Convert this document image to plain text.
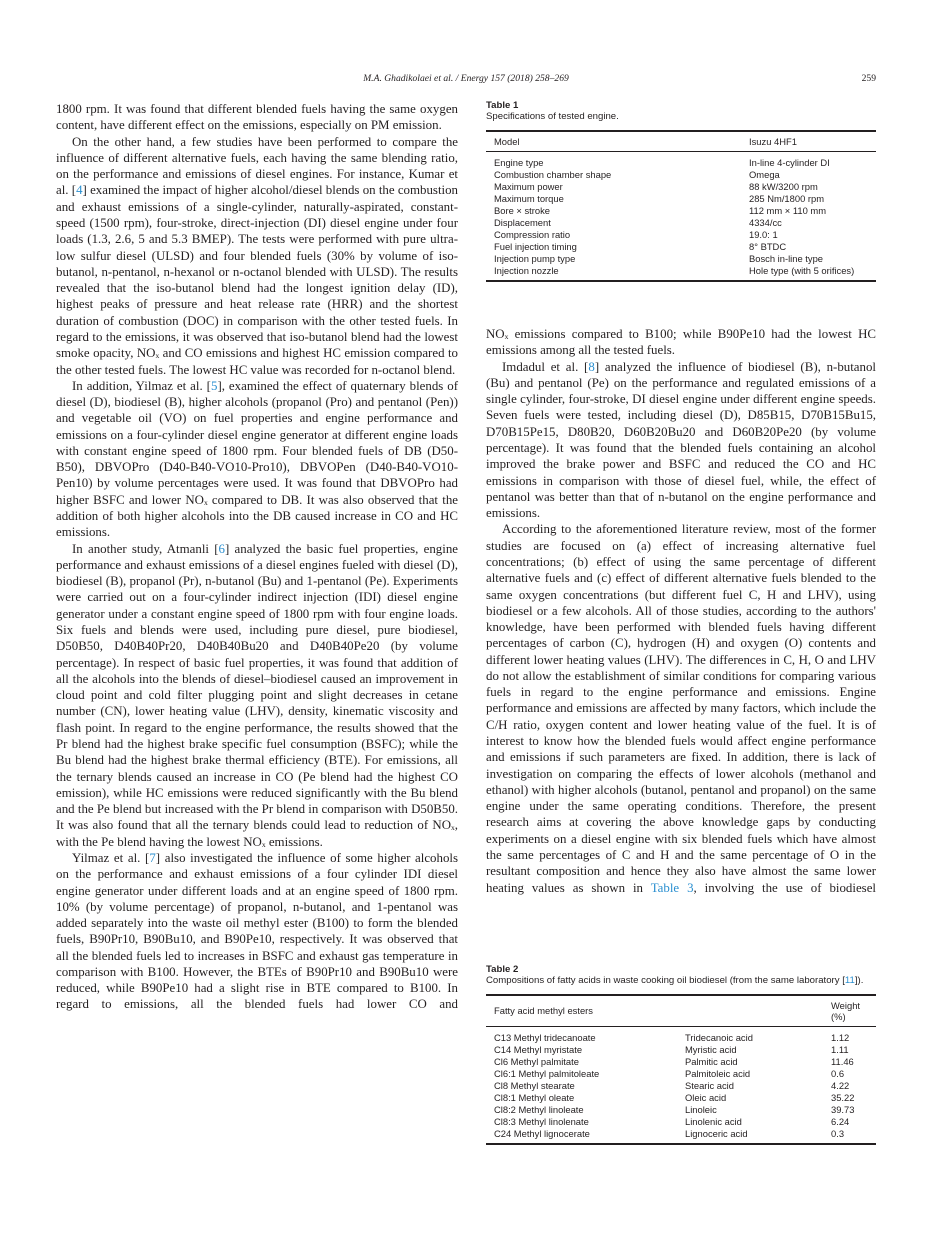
M.A. Ghadikolaei et al. / Energy 157 (2018) 258–269	259

1800 rpm. It was found that different blended fuels having the same oxygen content, have different effect on the emissions, especially on PM emission.

On the other hand, a few studies have been performed to compare the influence of different alternative fuels, each having the same blending ratio, on the performance and emissions of diesel engines. For instance, Kumar et al. [4] examined the impact of higher alcohol/diesel blends on the combustion and exhaust emissions of a single-cylinder, naturally-aspirated, constant-speed (1500 rpm), four-stroke, direct-injection (DI) diesel engine under four loads (1.3, 2.6, 5 and 5.3 BMEP). The tests were performed with pure ultra-low sulfur diesel (ULSD) and four blended fuels (30% by volume of iso-butanol, n-pentanol, n-hexanol or n-octanol blended with ULSD). The results revealed that the iso-butanol blend had the longest ignition delay (ID), highest peaks of pressure and heat release rate (HRR) and the shortest duration of combustion (DOC) in comparison with the other tested fuels. In regard to the emissions, it was observed that iso-butanol blend had the lowest smoke opacity, NOₓ and CO emissions and highest HC emission compared to the other tested fuels. The lowest HC value was recorded for n-octanol blend.

In addition, Yilmaz et al. [5], examined the effect of quaternary blends of diesel (D), biodiesel (B), higher alcohols (propanol (Pro) and pentanol (Pen)) and vegetable oil (VO) on fuel properties and engine performance and emissions on a four-cylinder diesel engine generator at different engine loads with constant engine speed of 1800 rpm. Four blended fuels of DB (D50-B50), DBVOPro (D40-B40-VO10-Pro10), DBVOPen (D40-B40-VO10-Pen10) by volume percentages were used. It was found that DBVOPro had higher BSFC and lower NOₓ compared to DB. It was also observed that the addition of both higher alcohols into the DB caused increase in CO and HC emissions.

In another study, Atmanli [6] analyzed the basic fuel properties, engine performance and exhaust emissions of a diesel engines fueled with diesel (D), biodiesel (B), propanol (Pr), n-butanol (Bu) and 1-pentanol (Pe). Experiments were carried out on a four-cylinder indirect injection (IDI) diesel engine generator under a constant engine speed of 1800 rpm with four engine loads. Six fuels and blends were used, including pure diesel, pure biodiesel, D50B50, D40B40Pr20, D40B40Bu20 and D40B40Pe20 (by volume percentage). In respect of basic fuel properties, it was found that addition of all the alcohols into the blends of diesel–biodiesel caused an improvement in cloud point and cold filter plugging point and slight decreases in cetane number (CN), lower heating value (LHV), density, kinematic viscosity and flash point. In regard to the engine performance, the results showed that the Pr blend had the highest brake specific fuel consumption (BSFC); while the Bu blend had the highest brake thermal efficiency (BTE). For emissions, all the ternary blends caused an increase in CO (Pe blend had the highest CO emission), while HC emissions were reduced significantly with the Bu blend and the Pe blend but increased with the Pr blend in comparison with D50B50. It was also found that all the ternary blends could lead to reduction of NOₓ, with the Pe blend having the lowest NOₓ emissions.

Yilmaz et al. [7] also investigated the influence of some higher alcohols on the performance and exhaust emissions of a four cylinder IDI diesel engine generator under different loads and at an engine speed of 1800 rpm. 10% (by volume percentage) of propanol, n-butanol, and 1-pentanol was added separately into the waste oil methyl ester (B100) to form the blended fuels, B90Pr10, B90Bu10, and B90Pe10, respectively. It was observed that all the blended fuels led to increases in BSFC and exhaust gas temperature in comparison with B100. However, the BTEs of B90Pr10 and B90Bu10 were reduced, while B90Pe10 had a slight rise in BTE compared to B100. In regard to emissions, all the blended fuels had lower CO and

Table 1
Specifications of tested engine.
Model	Isuzu 4HF1
Engine type	In-line 4-cylinder DI
Combustion chamber shape	Omega
Maximum power	88 kW/3200 rpm
Maximum torque	285 Nm/1800 rpm
Bore × stroke	112 mm × 110 mm
Displacement	4334/cc
Compression ratio	19.0: 1
Fuel injection timing	8° BTDC
Injection pump type	Bosch in-line type
Injection nozzle	Hole type (with 5 orifices)

NOₓ emissions compared to B100; while B90Pe10 had the lowest HC emissions among all the tested fuels.

Imdadul et al. [8] analyzed the influence of biodiesel (B), n-butanol (Bu) and pentanol (Pe) on the performance and regulated emissions of a single cylinder, four-stroke, DI diesel engine under different engine speeds. Seven fuels were tested, including diesel (D), D85B15, D70B15Bu15, D70B15Pe15, D80B20, D60B20Bu20 and D60B20Pe20 (by volume percentage). It was found that the blended fuels containing an alcohol improved the brake power and BSFC and reduced the CO and HC emissions in comparison with those of diesel fuel, while, the effect of pentanol was better than that of n-butanol on the engine performance and emissions.

According to the aforementioned literature review, most of the former studies are focused on (a) effect of increasing alternative fuel concentrations; (b) effect of using the same percentage of different alternative fuels and (c) effect of different alternative fuels blended to the same oxygen concentrations (but different fuel C, H and LHV), using biodiesel or a few alcohols. All of those studies, according to the authors' knowledge, have been performed with blended fuels having different percentages of carbon (C), hydrogen (H) and oxygen (O) contents and different lower heating values (LHV). The differences in C, H, O and LHV do not allow the establishment of similar conditions for comparing various fuels in regard to the engine performance and emissions. Engine performance and emissions are affected by many factors, which include the C/H ratio, oxygen content and lower heating value of the fuel. It is of interest to know how the blended fuels would affect engine performance and emissions if such parameters are fixed. In addition, there is lack of investigation on comparing the effects of lower alcohols (methanol and ethanol) with higher alcohols (butanol, pentanol and propanol) on the same engine under the same operating conditions. Therefore, the present research aims at covering the above knowledge gaps by conducting experiments on a diesel engine with six blended fuels which have almost the same percentages of C and H and the same percentage of O in the resultant composition and hence they also have almost the same lower heating values as shown in Table 3, involving the use of biodiesel

Table 2
Compositions of fatty acids in waste cooking oil biodiesel (from the same laboratory [11]).
Fatty acid methyl esters		Weight (%)
C13 Methyl tridecanoate	Tridecanoic acid	1.12
C14 Methyl myristate	Myristic acid	1.11
Cl6 Methyl palmitate	Palmitic acid	11.46
Cl6:1 Methyl palmitoleate	Palmitoleic acid	0.6
Cl8 Methyl stearate	Stearic acid	4.22
Cl8:1 Methyl oleate	Oleic acid	35.22
Cl8:2 Methyl linoleate	Linoleic	39.73
Cl8:3 Methyl linolenate	Linolenic acid	6.24
C24 Methyl lignocerate	Lignoceric acid	0.3
